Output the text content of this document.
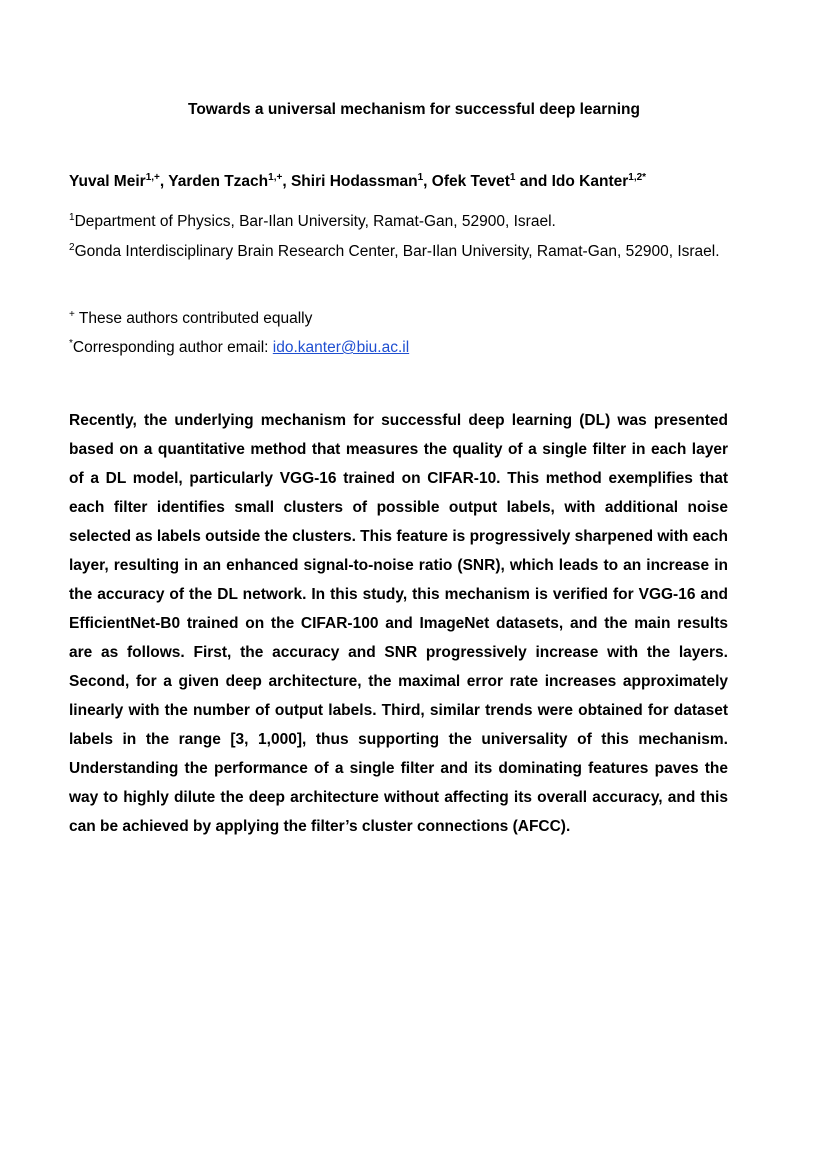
Towards a universal mechanism for successful deep learning

Yuval Meir$^{1,+}$, Yarden Tzach$^{1,+}$, Shiri Hodassman$^1$, Ofek Tevet$^1$ and Ido Kanter$^{1,2*}$

$^1$Department of Physics, Bar-Ilan University, Ramat-Gan, 52900, Israel.

$^2$Gonda Interdisciplinary Brain Research Center, Bar-Ilan University, Ramat-Gan, 52900, Israel.

+ These authors contributed equally

*Corresponding author email: ido.kanter@biu.ac.il

Recently, the underlying mechanism for successful deep learning (DL) was presented based on a quantitative method that measures the quality of a single filter in each layer of a DL model, particularly VGG-16 trained on CIFAR-10. This method exemplifies that each filter identifies small clusters of possible output labels, with additional noise selected as labels outside the clusters. This feature is progressively sharpened with each layer, resulting in an enhanced signal-to-noise ratio (SNR), which leads to an increase in the accuracy of the DL network. In this study, this mechanism is verified for VGG-16 and EfficientNet-B0 trained on the CIFAR-100 and ImageNet datasets, and the main results are as follows. First, the accuracy and SNR progressively increase with the layers. Second, for a given deep architecture, the maximal error rate increases approximately linearly with the number of output labels. Third, similar trends were obtained for dataset labels in the range [3, 1,000], thus supporting the universality of this mechanism. Understanding the performance of a single filter and its dominating features paves the way to highly dilute the deep architecture without affecting its overall accuracy, and this can be achieved by applying the filter’s cluster connections (AFCC).
